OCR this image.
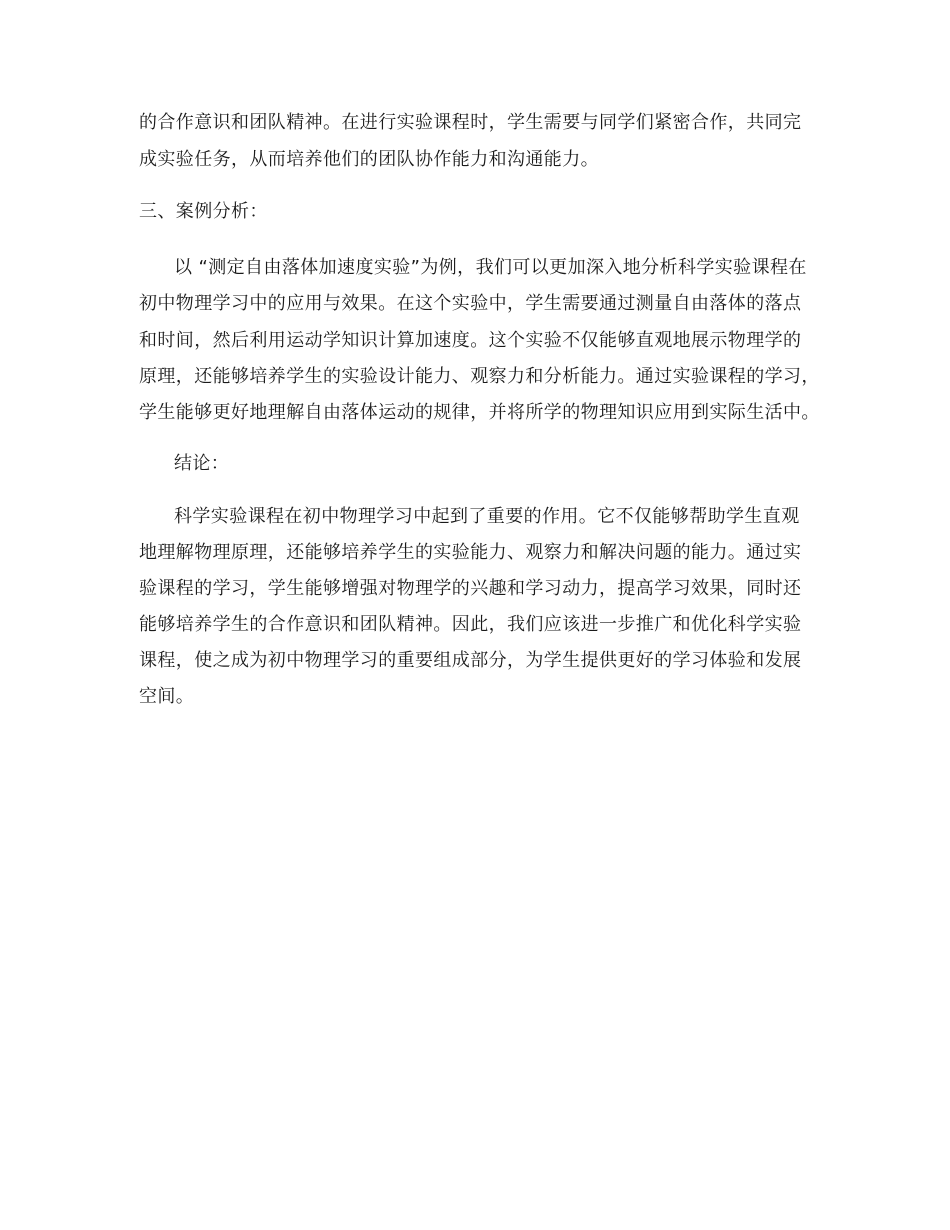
的合作意识和团队精神。在进行实验课程时，学生需要与同学们紧密合作，共同完
成实验任务，从而培养他们的团队协作能力和沟通能力。
三、案例分析：
以 “测定自由落体加速度实验”为例，我们可以更加深入地分析科学实验课程在
初中物理学习中的应用与效果。在这个实验中，学生需要通过测量自由落体的落点
和时间，然后利用运动学知识计算加速度。这个实验不仅能够直观地展示物理学的
原理，还能够培养学生的实验设计能力、观察力和分析能力。通过实验课程的学习，
学生能够更好地理解自由落体运动的规律，并将所学的物理知识应用到实际生活中。
结论：
科学实验课程在初中物理学习中起到了重要的作用。它不仅能够帮助学生直观
地理解物理原理，还能够培养学生的实验能力、观察力和解决问题的能力。通过实
验课程的学习，学生能够增强对物理学的兴趣和学习动力，提高学习效果，同时还
能够培养学生的合作意识和团队精神。因此，我们应该进一步推广和优化科学实验
课程，使之成为初中物理学习的重要组成部分，为学生提供更好的学习体验和发展
空间。
